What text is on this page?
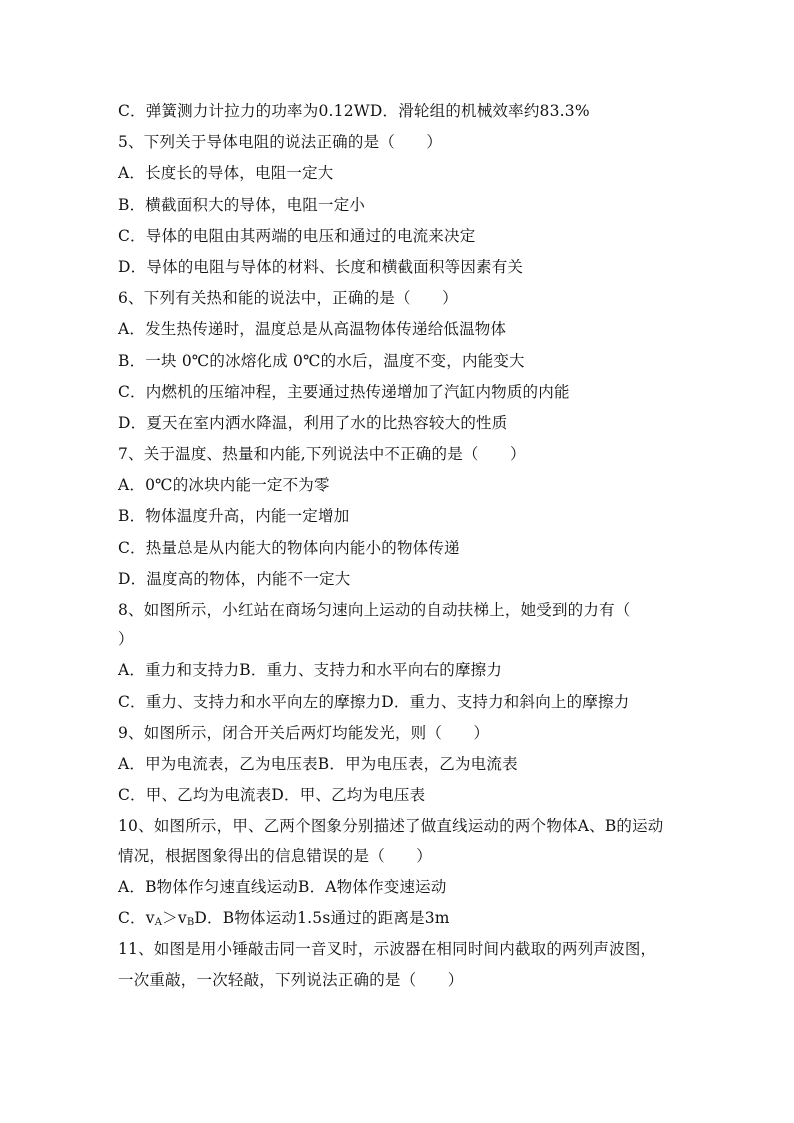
C．弹簧测力计拉力的功率为0.12WD．滑轮组的机械效率约83.3%
5、下列关于导体电阻的说法正确的是（　　）
A．长度长的导体，电阻一定大
B．横截面积大的导体，电阻一定小
C．导体的电阻由其两端的电压和通过的电流来决定
D．导体的电阻与导体的材料、长度和横截面积等因素有关
6、下列有关热和能的说法中，正确的是（　　）
A．发生热传递时，温度总是从高温物体传递给低温物体
B．一块 0℃的冰熔化成 0℃的水后，温度不变，内能变大
C．内燃机的压缩冲程，主要通过热传递增加了汽缸内物质的内能
D．夏天在室内洒水降温，利用了水的比热容较大的性质
7、关于温度、热量和内能,下列说法中不正确的是（　　）
A．0℃的冰块内能一定不为零
B．物体温度升高，内能一定增加
C．热量总是从内能大的物体向内能小的物体传递
D．温度高的物体，内能不一定大
8、如图所示，小红站在商场匀速向上运动的自动扶梯上，她受到的力有（
）
A．重力和支持力B．重力、支持力和水平向右的摩擦力
C．重力、支持力和水平向左的摩擦力D．重力、支持力和斜向上的摩擦力
9、如图所示，闭合开关后两灯均能发光，则（　　）
A．甲为电流表，乙为电压表B．甲为电压表，乙为电流表
C．甲、乙均为电流表D．甲、乙均为电压表
10、如图所示，甲、乙两个图象分别描述了做直线运动的两个物体A、B的运动
情况，根据图象得出的信息错误的是（　　）
A．B物体作匀速直线运动B．A物体作变速运动
C．$v_A>v_BD$．B物体运动1.5s通过的距离是3m
11、如图是用小锤敲击同一音叉时，示波器在相同时间内截取的两列声波图，
一次重敲，一次轻敲，下列说法正确的是（　　）
